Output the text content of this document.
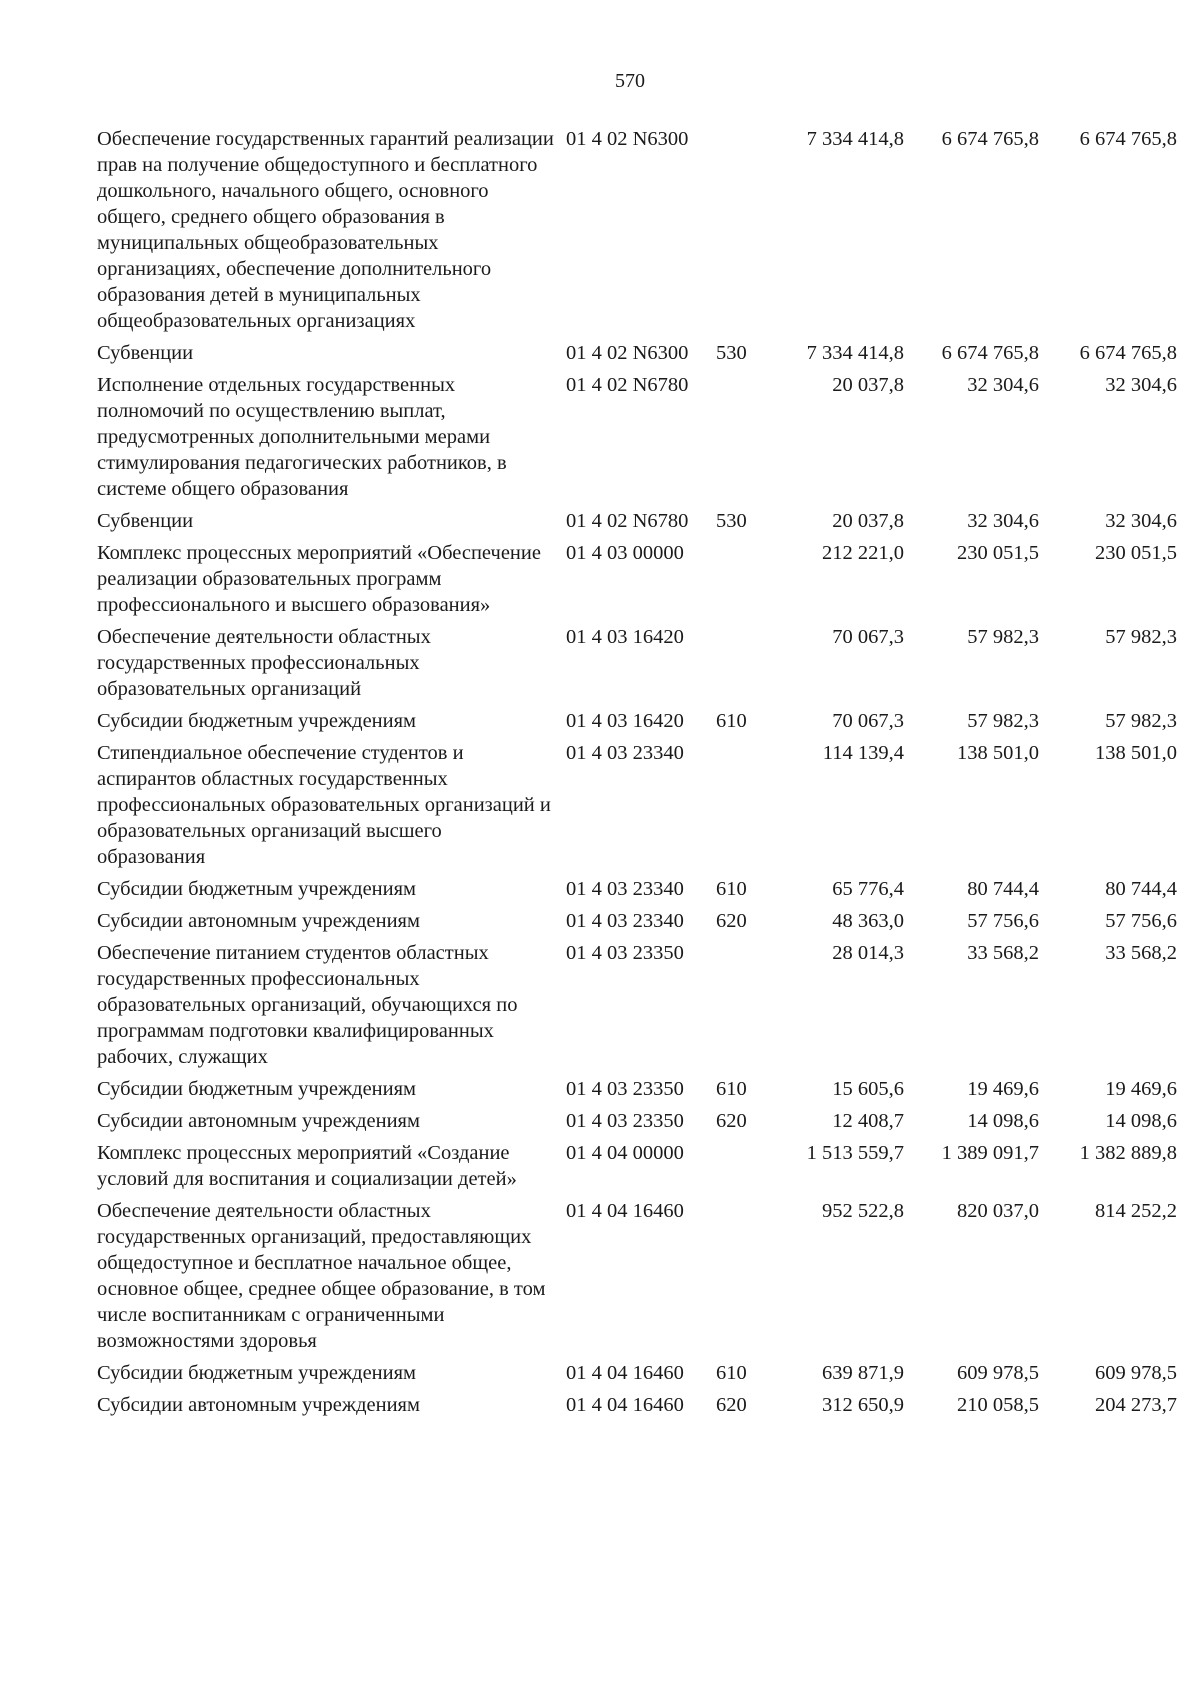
570
Обеспечение государственных гарантий реализации прав на получение общедоступного и бесплатного дошкольного, начального общего, основного общего, среднего общего образования в муниципальных общеобразовательных организациях, обеспечение дополнительного образования детей в муниципальных общеобразовательных организациях	01 4 02 N6300		7 334 414,8	6 674 765,8	6 674 765,8
Субвенции	01 4 02 N6300	530	7 334 414,8	6 674 765,8	6 674 765,8
Исполнение отдельных государственных полномочий по осуществлению выплат, предусмотренных дополнительными мерами стимулирования педагогических работников, в системе общего образования	01 4 02 N6780		20 037,8	32 304,6	32 304,6
Субвенции	01 4 02 N6780	530	20 037,8	32 304,6	32 304,6
Комплекс процессных мероприятий «Обеспечение реализации образовательных программ профессионального и высшего образования»	01 4 03 00000		212 221,0	230 051,5	230 051,5
Обеспечение деятельности областных государственных профессиональных образовательных организаций	01 4 03 16420		70 067,3	57 982,3	57 982,3
Субсидии бюджетным учреждениям	01 4 03 16420	610	70 067,3	57 982,3	57 982,3
Стипендиальное обеспечение студентов и аспирантов областных государственных профессиональных образовательных организаций и образовательных организаций высшего образования	01 4 03 23340		114 139,4	138 501,0	138 501,0
Субсидии бюджетным учреждениям	01 4 03 23340	610	65 776,4	80 744,4	80 744,4
Субсидии автономным учреждениям	01 4 03 23340	620	48 363,0	57 756,6	57 756,6
Обеспечение питанием студентов областных государственных профессиональных образовательных организаций, обучающихся по программам подготовки квалифицированных рабочих, служащих	01 4 03 23350		28 014,3	33 568,2	33 568,2
Субсидии бюджетным учреждениям	01 4 03 23350	610	15 605,6	19 469,6	19 469,6
Субсидии автономным учреждениям	01 4 03 23350	620	12 408,7	14 098,6	14 098,6
Комплекс процессных мероприятий «Создание условий для воспитания и социализации детей»	01 4 04 00000		1 513 559,7	1 389 091,7	1 382 889,8
Обеспечение деятельности областных государственных организаций, предоставляющих общедоступное и бесплатное начальное общее, основное общее, среднее общее образование, в том числе воспитанникам с ограниченными возможностями здоровья	01 4 04 16460		952 522,8	820 037,0	814 252,2
Субсидии бюджетным учреждениям	01 4 04 16460	610	639 871,9	609 978,5	609 978,5
Субсидии автономным учреждениям	01 4 04 16460	620	312 650,9	210 058,5	204 273,7
